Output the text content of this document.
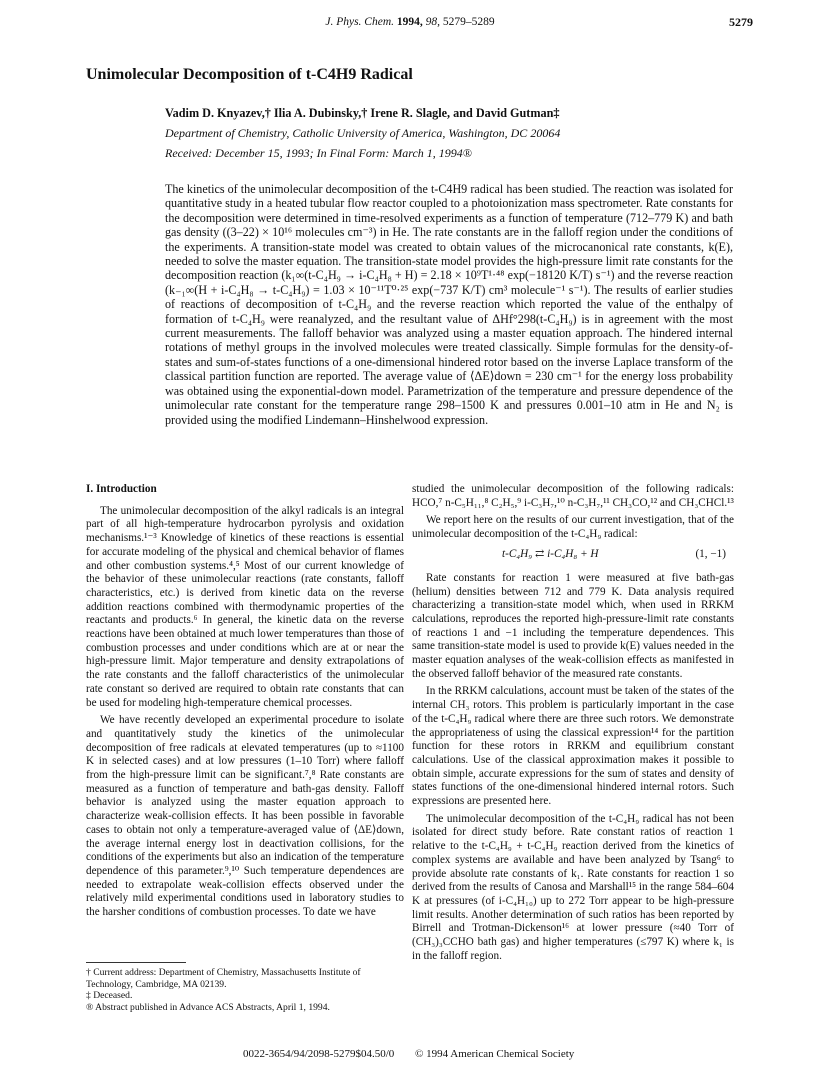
J. Phys. Chem. 1994, 98, 5279–5289	5279
Unimolecular Decomposition of t-C4H9 Radical
Vadim D. Knyazev,† Ilia A. Dubinsky,† Irene R. Slagle, and David Gutman‡
Department of Chemistry, Catholic University of America, Washington, DC 20064
Received: December 15, 1993; In Final Form: March 1, 1994®

The kinetics of the unimolecular decomposition of the t-C4H9 radical has been studied. The reaction was isolated for quantitative study in a heated tubular flow reactor coupled to a photoionization mass spectrometer. Rate constants for the decomposition were determined in time-resolved experiments as a function of temperature (712–779 K) and bath gas density ((3–22) × 10¹⁶ molecules cm⁻³) in He. The rate constants are in the falloff region under the conditions of the experiments. A transition-state model was created to obtain values of the microcanonical rate constants, k(E), needed to solve the master equation. The transition-state model provides the high-pressure limit rate constants for the decomposition reaction (k₁∞(t-C₄H₉ → i-C₄H₈ + H) = 2.18 × 10⁹T¹·⁴⁸ exp(−18120 K/T) s⁻¹) and the reverse reaction (k₋₁∞(H + i-C₄H₈ → t-C₄H₉) = 1.03 × 10⁻¹¹T⁰·²⁵ exp(−737 K/T) cm³ molecule⁻¹ s⁻¹). The results of earlier studies of reactions of decomposition of t-C₄H₉ and the reverse reaction which reported the value of the enthalpy of formation of t-C₄H₉ were reanalyzed, and the resultant value of ΔHf°298(t-C₄H₉) is in agreement with the most current measurements. The falloff behavior was analyzed using a master equation approach. The hindered internal rotations of methyl groups in the involved molecules were treated classically. Simple formulas for the density-of-states and sum-of-states functions of a one-dimensional hindered rotor based on the inverse Laplace transform of the classical partition function are reported. The average value of ⟨ΔE⟩down = 230 cm⁻¹ for the energy loss probability was obtained using the exponential-down model. Parametrization of the temperature and pressure dependence of the unimolecular rate constant for the temperature range 298–1500 K and pressures 0.001–10 atm in He and N₂ is provided using the modified Lindemann–Hinshelwood expression.

I. Introduction

The unimolecular decomposition of the alkyl radicals is an integral part of all high-temperature hydrocarbon pyrolysis and oxidation mechanisms.¹⁻³ Knowledge of kinetics of these reactions is essential for accurate modeling of the physical and chemical behavior of flames and other combustion systems.⁴,⁵ Most of our current knowledge of the behavior of these unimolecular reactions (rate constants, falloff characteristics, etc.) is derived from kinetic data on the reverse addition reactions combined with thermodynamic properties of the reactants and products.⁶ In general, the kinetic data on the reverse reactions have been obtained at much lower temperatures than those of combustion processes and under conditions which are at or near the high-pressure limit. Major temperature and density extrapolations of the rate constants and the falloff characteristics of the unimolecular rate constant so derived are required to obtain rate constants that can be used for modeling high-temperature chemical processes.

We have recently developed an experimental procedure to isolate and quantitatively study the kinetics of the unimolecular decomposition of free radicals at elevated temperatures (up to ≈1100 K in selected cases) and at low pressures (1–10 Torr) where falloff from the high-pressure limit can be significant.⁷,⁸ Rate constants are measured as a function of temperature and bath-gas density. Falloff behavior is analyzed using the master equation approach to characterize weak-collision effects. It has been possible in favorable cases to obtain not only a temperature-averaged value of ⟨ΔE⟩down, the average internal energy lost in deactivation collisions, for the conditions of the experiments but also an indication of the temperature dependence of this parameter.⁹,¹⁰ Such temperature dependences are needed to extrapolate weak-collision effects observed under the relatively mild experimental conditions used in laboratory studies to the harsher conditions of combustion processes. To date we have

studied the unimolecular decomposition of the following radicals: HCO,⁷ n-C₅H₁₁,⁸ C₂H₅,⁹ i-C₃H₇,¹⁰ n-C₃H₇,¹¹ CH₃CO,¹² and CH₃CHCl.¹³

We report here on the results of our current investigation, that of the unimolecular decomposition of the t-C₄H₉ radical:

t-C₄H₉ ⇄ i-C₄H₈ + H	(1, −1)

Rate constants for reaction 1 were measured at five bath-gas (helium) densities between 712 and 779 K. Data analysis required characterizing a transition-state model which, when used in RRKM calculations, reproduces the reported high-pressure-limit rate constants of reactions 1 and −1 including the temperature dependences. This same transition-state model is used to provide k(E) values needed in the master equation analyses of the weak-collision effects as manifested in the observed falloff behavior of the measured rate constants.

In the RRKM calculations, account must be taken of the states of the internal CH₃ rotors. This problem is particularly important in the case of the t-C₄H₉ radical where there are three such rotors. We demonstrate the appropriateness of using the classical expression¹⁴ for the partition function for these rotors in RRKM and equilibrium constant calculations. Use of the classical approximation makes it possible to obtain simple, accurate expressions for the sum of states and density of states functions of the one-dimensional hindered internal rotors. Such expressions are presented here.

The unimolecular decomposition of the t-C₄H₉ radical has not been isolated for direct study before. Rate constant ratios of reaction 1 relative to the t-C₄H₉ + t-C₄H₉ reaction derived from the kinetics of complex systems are available and have been analyzed by Tsang⁶ to provide absolute rate constants of k₁. Rate constants for reaction 1 so derived from the results of Canosa and Marshall¹⁵ in the range 584–604 K at pressures (of i-C₄H₁₀) up to 272 Torr appear to be high-pressure limit results. Another determination of such ratios has been reported by Birrell and Trotman-Dickenson¹⁶ at lower pressure (≈40 Torr of (CH₃)₃CCHO bath gas) and higher temperatures (≤797 K) where k₁ is in the falloff region.

† Current address: Department of Chemistry, Massachusetts Institute of Technology, Cambridge, MA 02139.
‡ Deceased.
® Abstract published in Advance ACS Abstracts, April 1, 1994.
0022-3654/94/2098-5279$04.50/0 © 1994 American Chemical Society
